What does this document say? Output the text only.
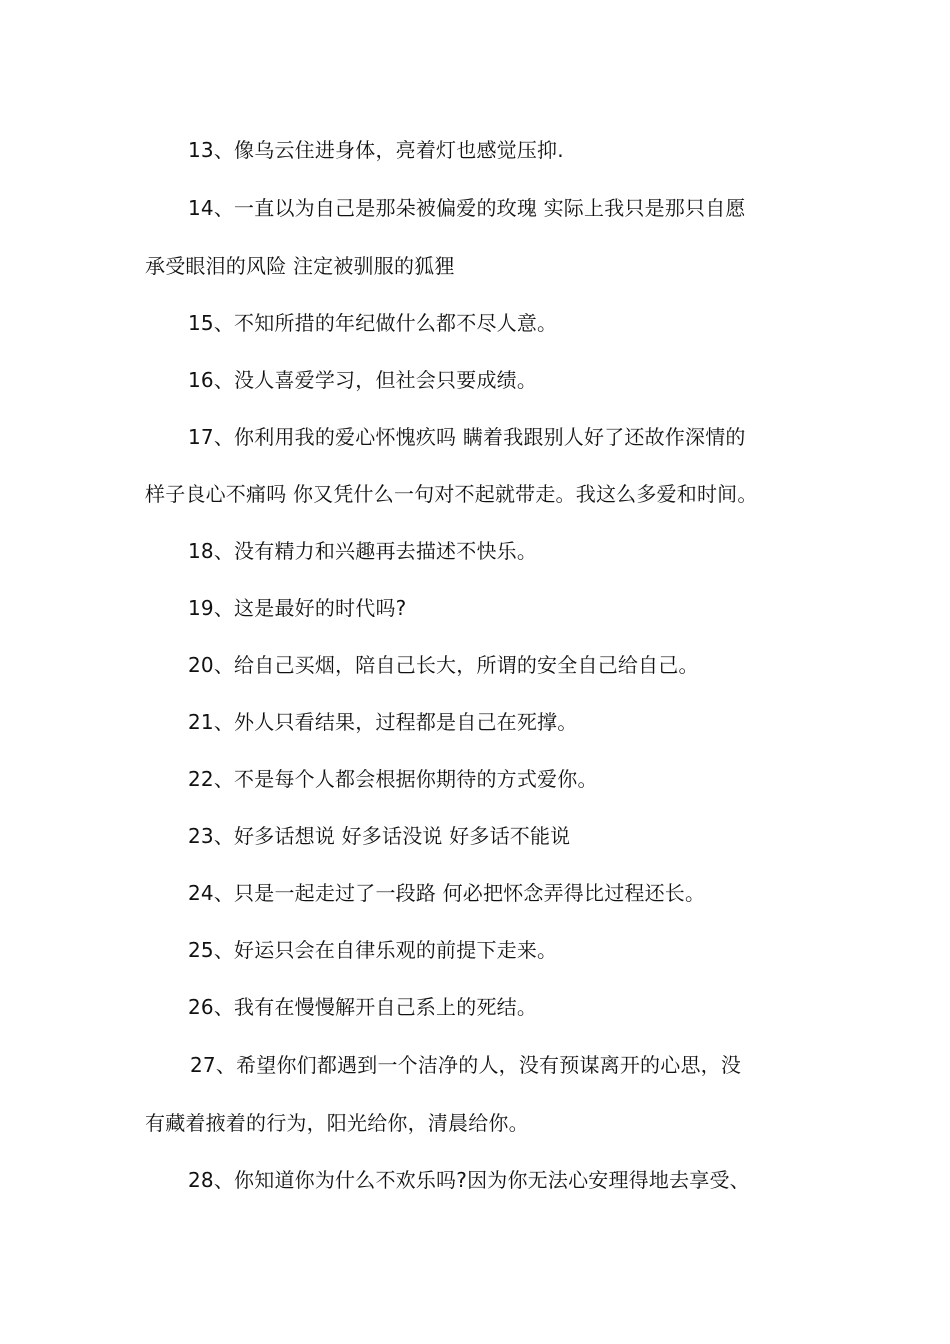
13、像乌云住进身体，亮着灯也感觉压抑.
14、一直以为自己是那朵被偏爱的玫瑰 实际上我只是那只自愿
承受眼泪的风险 注定被驯服的狐狸
15、不知所措的年纪做什么都不尽人意。
16、没人喜爱学习，但社会只要成绩。
17、你利用我的爱心怀愧疚吗 瞒着我跟别人好了还故作深情的
样子良心不痛吗 你又凭什么一句对不起就带走。我这么多爱和时间。
18、没有精力和兴趣再去描述不快乐。
19、这是最好的时代吗?
20、给自己买烟，陪自己长大，所谓的安全自己给自己。
21、外人只看结果，过程都是自己在死撑。
22、不是每个人都会根据你期待的方式爱你。
23、好多话想说 好多话没说 好多话不能说
24、只是一起走过了一段路 何必把怀念弄得比过程还长。
25、好运只会在自律乐观的前提下走来。
26、我有在慢慢解开自己系上的死结。
27、希望你们都遇到一个洁净的人，没有预谋离开的心思，没
有藏着掖着的行为，阳光给你，清晨给你。
28、你知道你为什么不欢乐吗?因为你无法心安理得地去享受、
